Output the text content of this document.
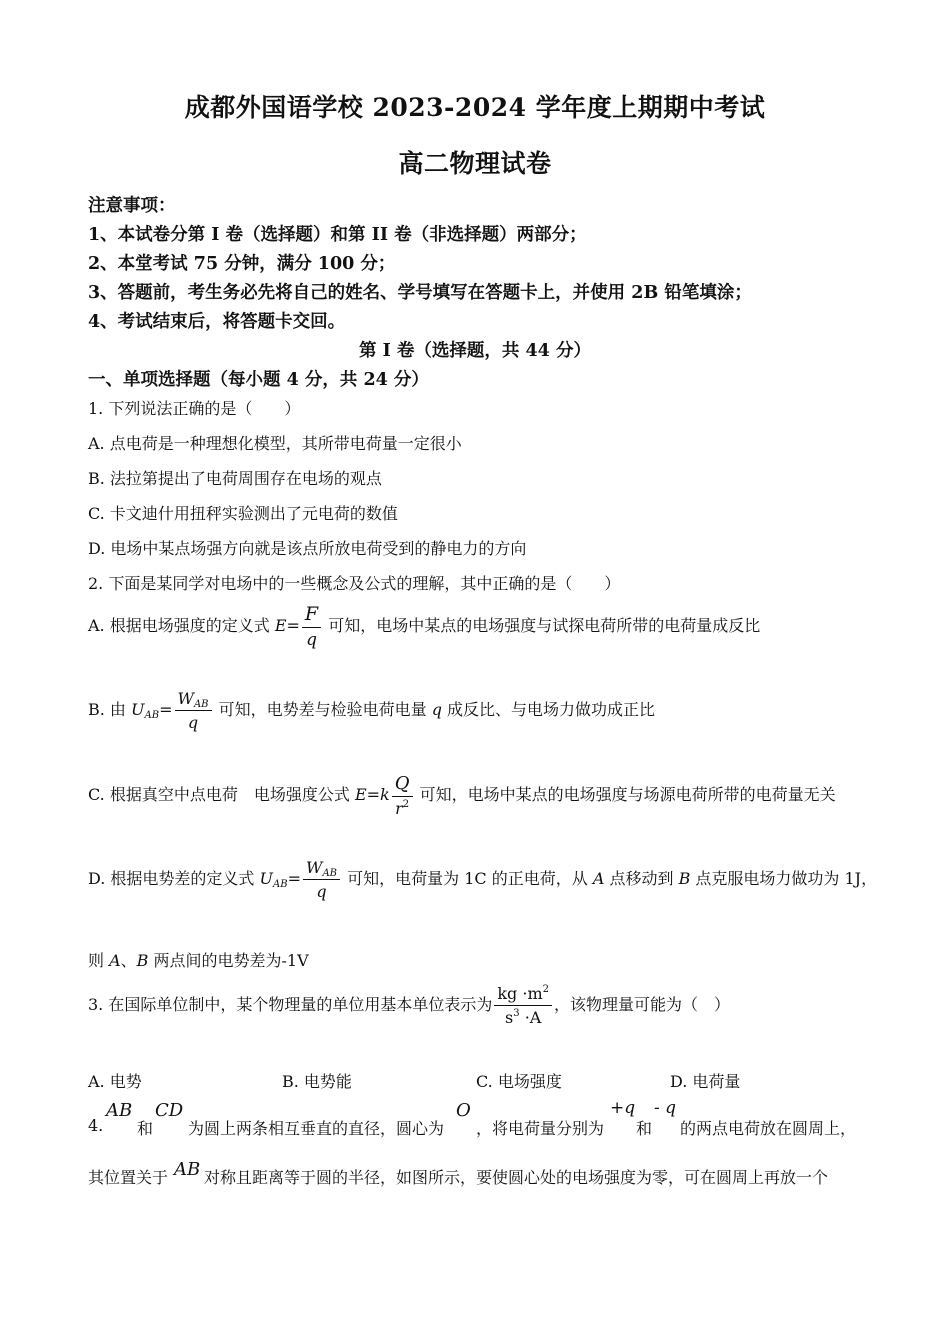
成都外国语学校 2023-2024 学年度上期期中考试
高二物理试卷
注意事项：
1、本试卷分第 I 卷（选择题）和第 II 卷（非选择题）两部分；
2、本堂考试 75 分钟，满分 100 分；
3、答题前，考生务必先将自己的姓名、学号填写在答题卡上，并使用 2B 铅笔填涂；
4、考试结束后，将答题卡交回。
第 I 卷（选择题，共 44 分）
一、单项选择题（每小题 4 分，共 24 分）
1. 下列说法正确的是（　　）
A. 点电荷是一种理想化模型，其所带电荷量一定很小
B. 法拉第提出了电荷周围存在电场的观点
C. 卡文迪什用扭秤实验测出了元电荷的数值
D. 电场中某点场强方向就是该点所放电荷受到的静电力的方向
2. 下面是某同学对电场中的一些概念及公式的理解，其中正确的是（　　）
A. 根据电场强度的定义式 $E= \frac{F}{q}$ 可知，电场中某点的电场强度与试探电荷所带的电荷量成反比
B. 由 $UAB= \frac{\text{WAB}}{q}$ 可知，电势差与检验电荷电量 q 成反比、与电场力做功成正比
C. 根据真空中点电荷　电场强度公式 $E=k \frac{Q}{r^2}$ 可知，电场中某点的电场强度与场源电荷所带的电荷量无关
D. 根据电势差的定义式 $UAB= \frac{\text{WAB}}{q}$ 可知，电荷量为 1C 的正电荷，从 A 点移动到 B 点克服电场力做功为 1J，
则 A、B 两点间的电势差为-1V
3. 在国际单位制中，某个物理量的单位用基本单位表示为 $\frac{kg \cdot m^2}{s^3 \cdot A}$ ，该物理量可能为（　）
A. 电势	B. 电势能	C. 电场强度	D. 电荷量
4.
AB
和
CD
为圆上两条相互垂直的直径，圆心为
O
，将电荷量分别为
+q
和
- q
的两点电荷放在圆周上，
其位置关于 AB 对称且距离等于圆的半径，如图所示，要使圆心处的电场强度为零，可在圆周上再放一个
